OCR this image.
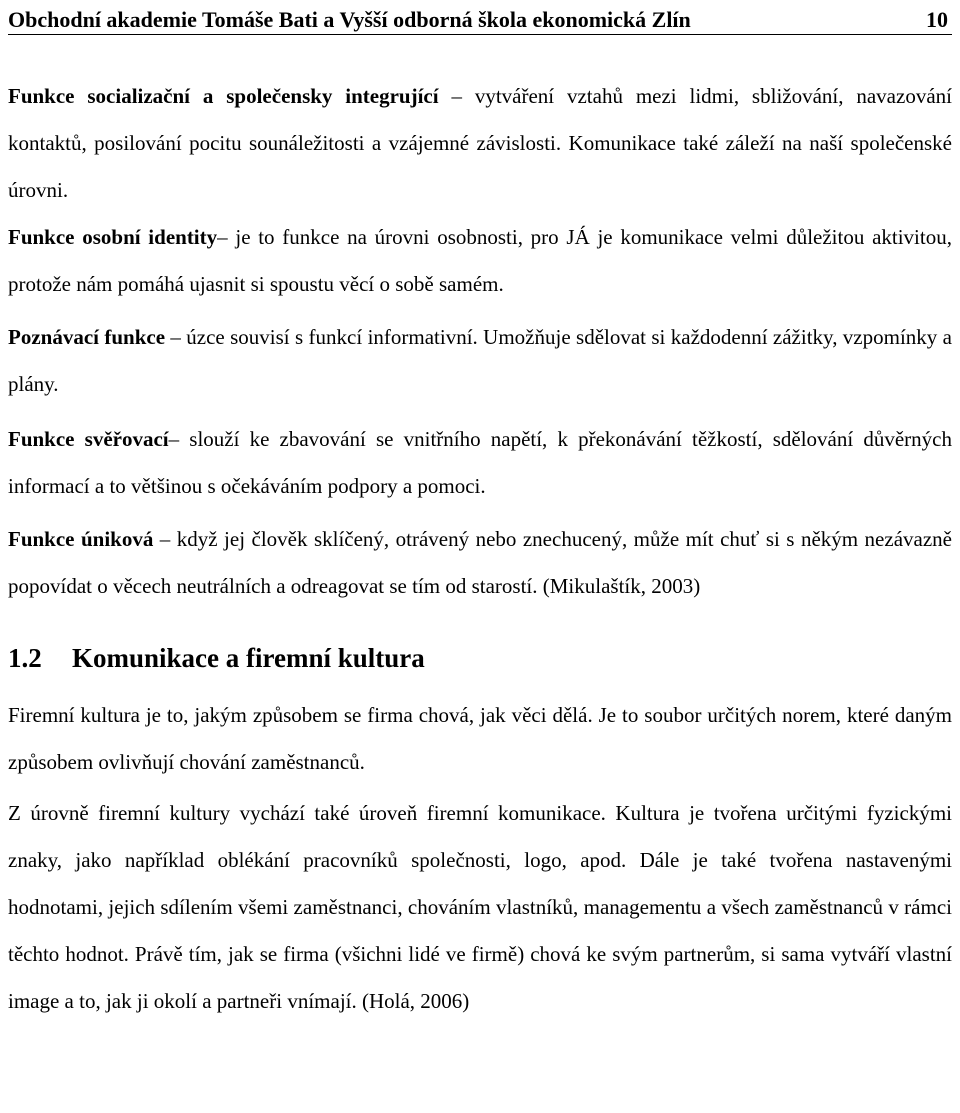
Obchodní akademie Tomáše Bati a Vyšší odborná škola ekonomická Zlín	10

Funkce socializační a společensky integrující – vytváření vztahů mezi lidmi, sbližování, navazování kontaktů, posilování pocitu sounáležitosti a vzájemné závislosti. Komunikace také záleží na naší společenské úrovni.

Funkce osobní identity– je to funkce na úrovni osobnosti, pro JÁ je komunikace velmi důležitou aktivitou, protože nám pomáhá ujasnit si spoustu věcí o sobě samém.

Poznávací funkce – úzce souvisí s funkcí informativní. Umožňuje sdělovat si každodenní zážitky, vzpomínky a plány.

Funkce svěřovací– slouží ke zbavování se vnitřního napětí, k překonávání těžkostí, sdělování důvěrných informací a to většinou s očekáváním podpory a pomoci.

Funkce úniková – když jej člověk sklíčený, otrávený nebo znechucený, může mít chuť si s někým nezávazně popovídat o věcech neutrálních a odreagovat se tím od starostí. (Mikulaštík, 2003)

1.2	Komunikace a firemní kultura

Firemní kultura je to, jakým způsobem se firma chová, jak věci dělá. Je to soubor určitých norem, které daným způsobem ovlivňují chování zaměstnanců.

Z úrovně firemní kultury vychází také úroveň firemní komunikace. Kultura je tvořena určitými fyzickými znaky, jako například oblékání pracovníků společnosti, logo, apod. Dále je také tvořena nastavenými hodnotami, jejich sdílením všemi zaměstnanci, chováním vlastníků, managementu a všech zaměstnanců v rámci těchto hodnot. Právě tím, jak se firma (všichni lidé ve firmě) chová ke svým partnerům, si sama vytváří vlastní image a to, jak ji okolí a partneři vnímají. (Holá, 2006)
